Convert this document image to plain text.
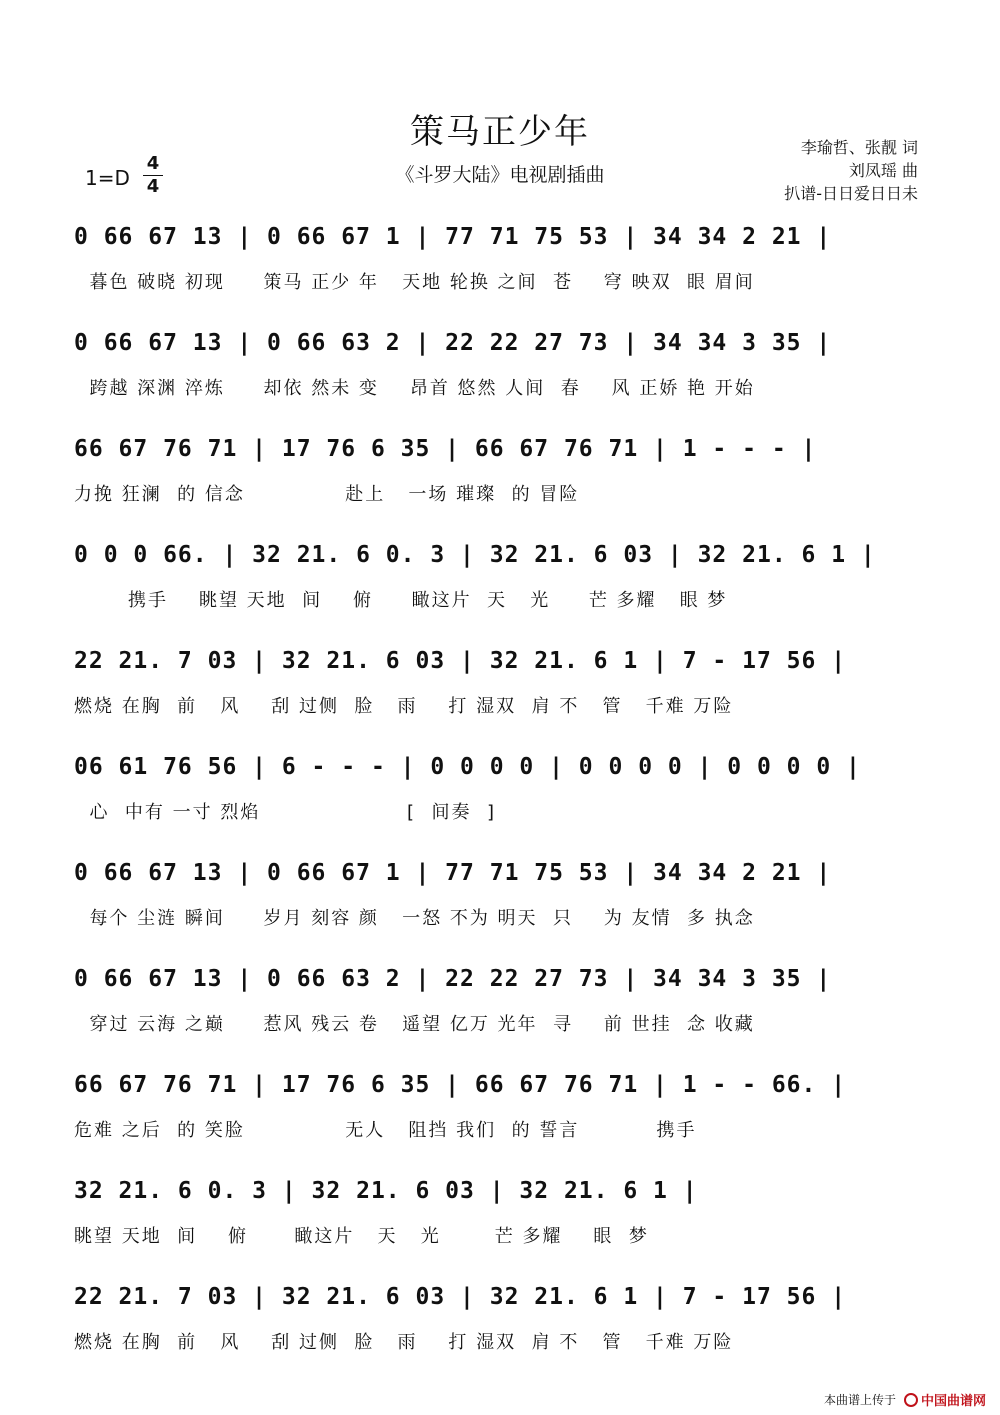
策马正少年
《斗罗大陆》电视剧插曲
1=D
4
4
李瑜哲、张靓 词
刘凤瑶 曲
扒谱-日日爱日日未
0 66 67 13 | 0 66 67 1 | 77 71 75 53 | 34 34 2 21 |
暮色 破晓 初现     策马 正少 年   天地 轮换 之间  苍    穹 映双  眼 眉间
0 66 67 13 | 0 66 63 2 | 22 22 27 73 | 34 34 3 35 |
跨越 深渊 淬炼     却依 然未 变    昂首 悠然 人间  春    风 正娇 艳 开始
66 67 76 71 | 17 76 6 35 | 66 67 76 71 | 1 - - - |
力挽 狂澜  的 信念             赴上   一场 璀璨  的 冒险
0 0 0 66. | 32 21. 6 0. 3 | 32 21. 6 03 | 32 21. 6 1 |
携手    眺望 天地  间    俯     瞰这片  天   光     芒 多耀   眼 梦
22 21. 7 03 | 32 21. 6 03 | 32 21. 6 1 | 7 - 17 56 |
燃烧 在胸  前   风    刮 过侧  脸   雨    打 湿双  肩 不   管   千难 万险
06 61 76 56 | 6 - - - | 0 0 0 0 | 0 0 0 0 | 0 0 0 0 |
心  中有 一寸 烈焰                   [  间奏  ]
0 66 67 13 | 0 66 67 1 | 77 71 75 53 | 34 34 2 21 |
每个 尘涟 瞬间     岁月 刻容 颜   一怒 不为 明天  只    为 友情  多 执念
0 66 67 13 | 0 66 63 2 | 22 22 27 73 | 34 34 3 35 |
穿过 云海 之巅     惹风 残云 卷   遥望 亿万 光年  寻    前 世挂  念 收藏
66 67 76 71 | 17 76 6 35 | 66 67 76 71 | 1 - - 66. |
危难 之后  的 笑脸             无人   阻挡 我们  的 誓言          携手
32 21. 6 0. 3 | 32 21. 6 03 | 32 21. 6 1 |
眺望 天地  间    俯      瞰这片   天   光       芒 多耀    眼  梦
22 21. 7 03 | 32 21. 6 03 | 32 21. 6 1 | 7 - 17 56 |
燃烧 在胸  前   风    刮 过侧  脸   雨    打 湿双  肩 不   管   千难 万险
本曲谱上传于 中国曲谱网
